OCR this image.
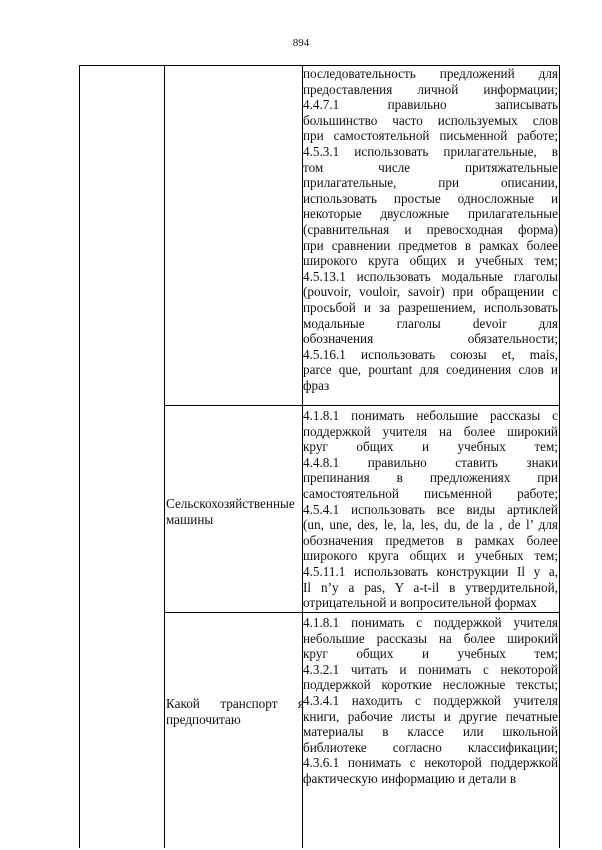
894
последовательность предложений для
предоставления личной информации;
4.4.7.1 правильно записывать
большинство часто используемых слов
при самостоятельной письменной работе;
4.5.3.1 использовать прилагательные, в
том числе притяжательные
прилагательные, при описании,
использовать простые односложные и
некоторые двусложные прилагательные
(сравнительная и превосходная форма)
при сравнении предметов в рамках более
широкого круга общих и учебных тем;
4.5.13.1 использовать модальные глаголы
(pouvoir, vouloir, savoir) при обращении с
просьбой и за разрешением, использовать
модальные глаголы devoir для
обозначения обязательности;
4.5.16.1 использовать союзы et, mais,
parce que, pourtant для соединения слов и
фраз
4.1.8.1 понимать небольшие рассказы с
поддержкой учителя на более широкий
круг общих и учебных тем;
4.4.8.1 правильно ставить знаки
препинания в предложениях при
самостоятельной письменной работе;
4.5.4.1 использовать все виды артиклей
(un, une, des, le, la, les, du, de la , de l’ для
обозначения предметов в рамках более
широкого круга общих и учебных тем;
4.5.11.1 использовать конструкции Il y a,
Il n’y a pas, Y a-t-il в утвердительной,
отрицательной и вопросительной формах
Сельскохозяйственные
машины
4.1.8.1 понимать с поддержкой учителя
небольшие рассказы на более широкий
круг общих и учебных тем;
4.3.2.1 читать и понимать с некоторой
поддержкой короткие несложные тексты;
4.3.4.1 находить с поддержкой учителя
книги, рабочие листы и другие печатные
материалы в классе или школьной
библиотеке согласно классификации;
4.3.6.1 понимать с некоторой поддержкой
фактическую информацию и детали в
Какой транспорт я
предпочитаю
